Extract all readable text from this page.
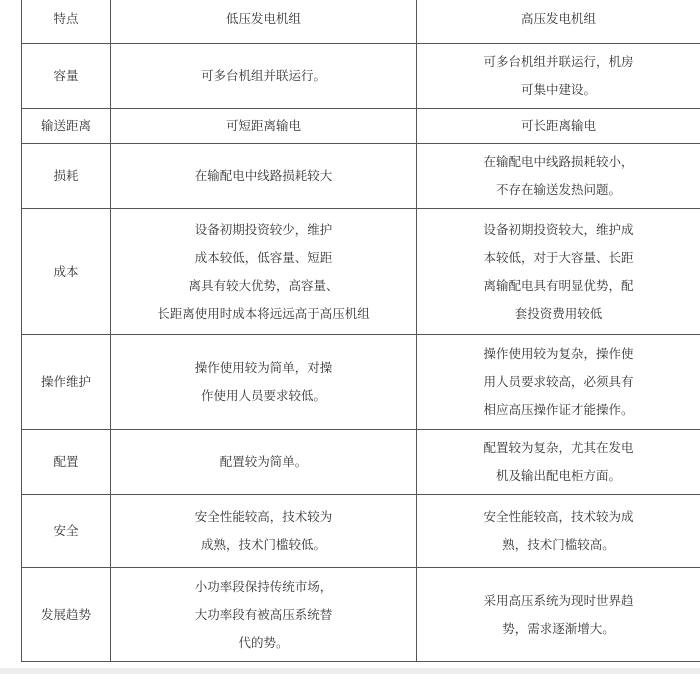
特点	低压发电机组	高压发电机组
容量	可多台机组并联运行。	可多台机组并联运行，机房
可集中建设。

输送距离	可短距离输电	可长距离输电

损耗	在输配电中线路损耗较大	在输配电中线路损耗较小，
不存在输送发热问题。

成本	设备初期投资较少，维护
成本较低，低容量、短距
离具有较大优势，高容量、
长距离使用时成本将远远高于高压机组	设备初期投资较大，维护成
本较低，对于大容量、长距
离输配电具有明显优势，配
套投资费用较低

操作维护	操作使用较为简单，对操
作使用人员要求较低。	操作使用较为复杂，操作使
用人员要求较高，必须具有
相应高压操作证才能操作。

配置	配置较为简单。	配置较为复杂，尤其在发电
机及输出配电柜方面。

安全	安全性能较高，技术较为
成熟，技术门槛较低。	安全性能较高，技术较为成
熟，技术门槛较高。

发展趋势	小功率段保持传统市场，
大功率段有被高压系统替
代的势。	采用高压系统为现时世界趋
势，需求逐渐增大。
